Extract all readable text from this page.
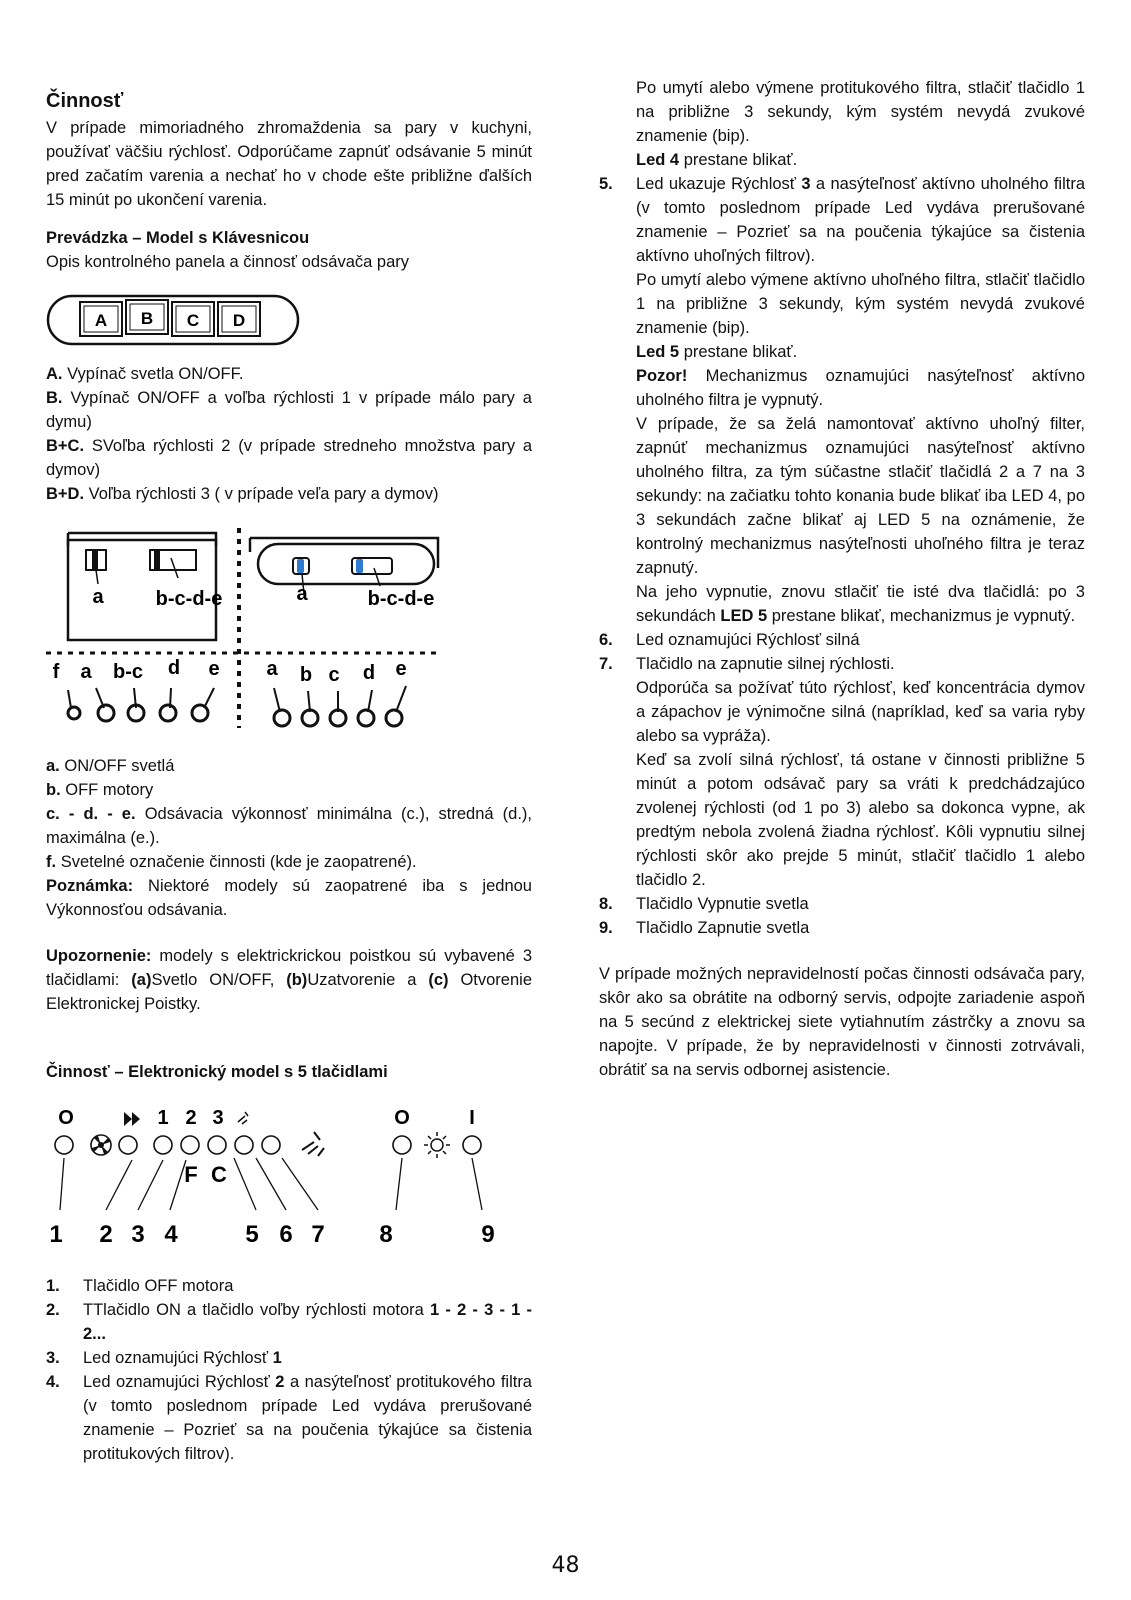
Činnosť

V prípade mimoriadného zhromaždenia sa pary v kuchyni, používať väčšiu rýchlosť. Odporúčame zapnúť odsávanie 5 minút pred začatím varenia a nechať ho v chode ešte približne ďalších 15 minút po ukončení varenia.

Prevádzka – Model s Klávesnicou
Opis kontrolného panela a činnosť odsávača pary
A B C D
A. Vypínač svetla ON/OFF.
B. Vypínač ON/OFF a voľba rýchlosti 1 v prípade málo pary a dymu)
B+C. SVoľba rýchlosti 2 (v prípade stredneho množstva pary a dymov)
B+D. Voľba rýchlosti 3 ( v prípade veľa pary a dymov)
a	b-c-d-e	a	b-c-d-e
f a b-c d e a b c d e
a. ON/OFF svetlá
b. OFF motory
c. - d. - e. Odsávacia výkonnosť minimálna (c.), stredná (d.), maximálna (e.).
f. Svetelné označenie činnosti (kde je zaopatrené).
Poznámka: Niektoré modely sú zaopatrené iba s jednou Výkonnosťou odsávania.

Upozornenie: modely s elektrickrickou poistkou sú vybavené 3 tlačidlami: (a)Svetlo ON/OFF, (b)Uzatvorenie a (c) Otvorenie Elektronickej Poistky.

Činnosť – Elektronický model s 5 tlačidlami
O	1 2 3	O	I
F C
1 2 3 4	5 6 7 8	9
1.	Tlačidlo OFF motora
2.	TTlačidlo ON a tlačidlo voľby rýchlosti motora 1 - 2 - 3 - 1 - 2...
3.	Led oznamujúci Rýchlosť 1
4.	Led oznamujúci Rýchlosť 2 a nasýteľnosť protitukového filtra (v tomto poslednom prípade Led vydáva prerušované znamenie – Pozrieť sa na poučenia týkajúce sa čistenia protitukových filtrov).
Po umytí alebo výmene protitukového filtra, stlačiť tlačidlo 1 na približne 3 sekundy, kým systém nevydá zvukové znamenie (bip).
Led 4 prestane blikať.
5.	Led ukazuje Rýchlosť 3 a nasýteľnosť aktívno uholného filtra (v tomto poslednom prípade Led vydáva prerušované znamenie – Pozrieť sa na poučenia týkajúce sa čistenia aktívno uhoľných filtrov).
Po umytí alebo výmene aktívno uhoľného filtra, stlačiť tlačidlo 1 na približne 3 sekundy, kým systém nevydá zvukové znamenie (bip).
Led 5 prestane blikať.
Pozor! Mechanizmus oznamujúci nasýteľnosť aktívno uholného filtra je vypnutý.
V prípade, že sa želá namontovať aktívno uhoľný filter, zapnúť mechanizmus oznamujúci nasýteľnosť aktívno uholného filtra, za tým súčastne stlačiť tlačidlá 2 a 7 na 3 sekundy: na začiatku tohto konania bude blikať iba LED 4, po 3 sekundách začne blikať aj LED 5 na oznámenie, že kontrolný mechanizmus nasýteľnosti uhoľného filtra je teraz zapnutý.
Na jeho vypnutie, znovu stlačiť tie isté dva tlačidlá: po 3 sekundách LED 5 prestane blikať, mechanizmus je vypnutý.
6.	Led oznamujúci Rýchlosť silná
7.	Tlačidlo na zapnutie silnej rýchlosti.
Odporúča sa požívať túto rýchlosť, keď koncentrácia dymov a zápachov je výnimočne silná (napríklad, keď sa varia ryby alebo sa vypráža).
Keď sa zvolí silná rýchlosť, tá ostane v činnosti približne 5 minút a potom odsávač pary sa vráti k predchádzajúco zvolenej rýchlosti (od 1 po 3) alebo sa dokonca vypne, ak predtým nebola zvolená žiadna rýchlosť. Kôli vypnutiu silnej rýchlosti skôr ako prejde 5 minút, stlačiť tlačidlo 1 alebo tlačidlo 2.
8.	Tlačidlo Vypnutie svetla
9.	Tlačidlo Zapnutie svetla

V prípade možných nepravidelností počas činnosti odsávača pary, skôr ako sa obrátite na odborný servis, odpojte zariadenie aspoň na 5 secúnd z elektrickej siete vytiahnutím zástrčky a znovu sa napojte. V prípade, že by nepravidelnosti v činnosti zotrvávali, obrátiť sa na servis odbornej asistencie.

48
